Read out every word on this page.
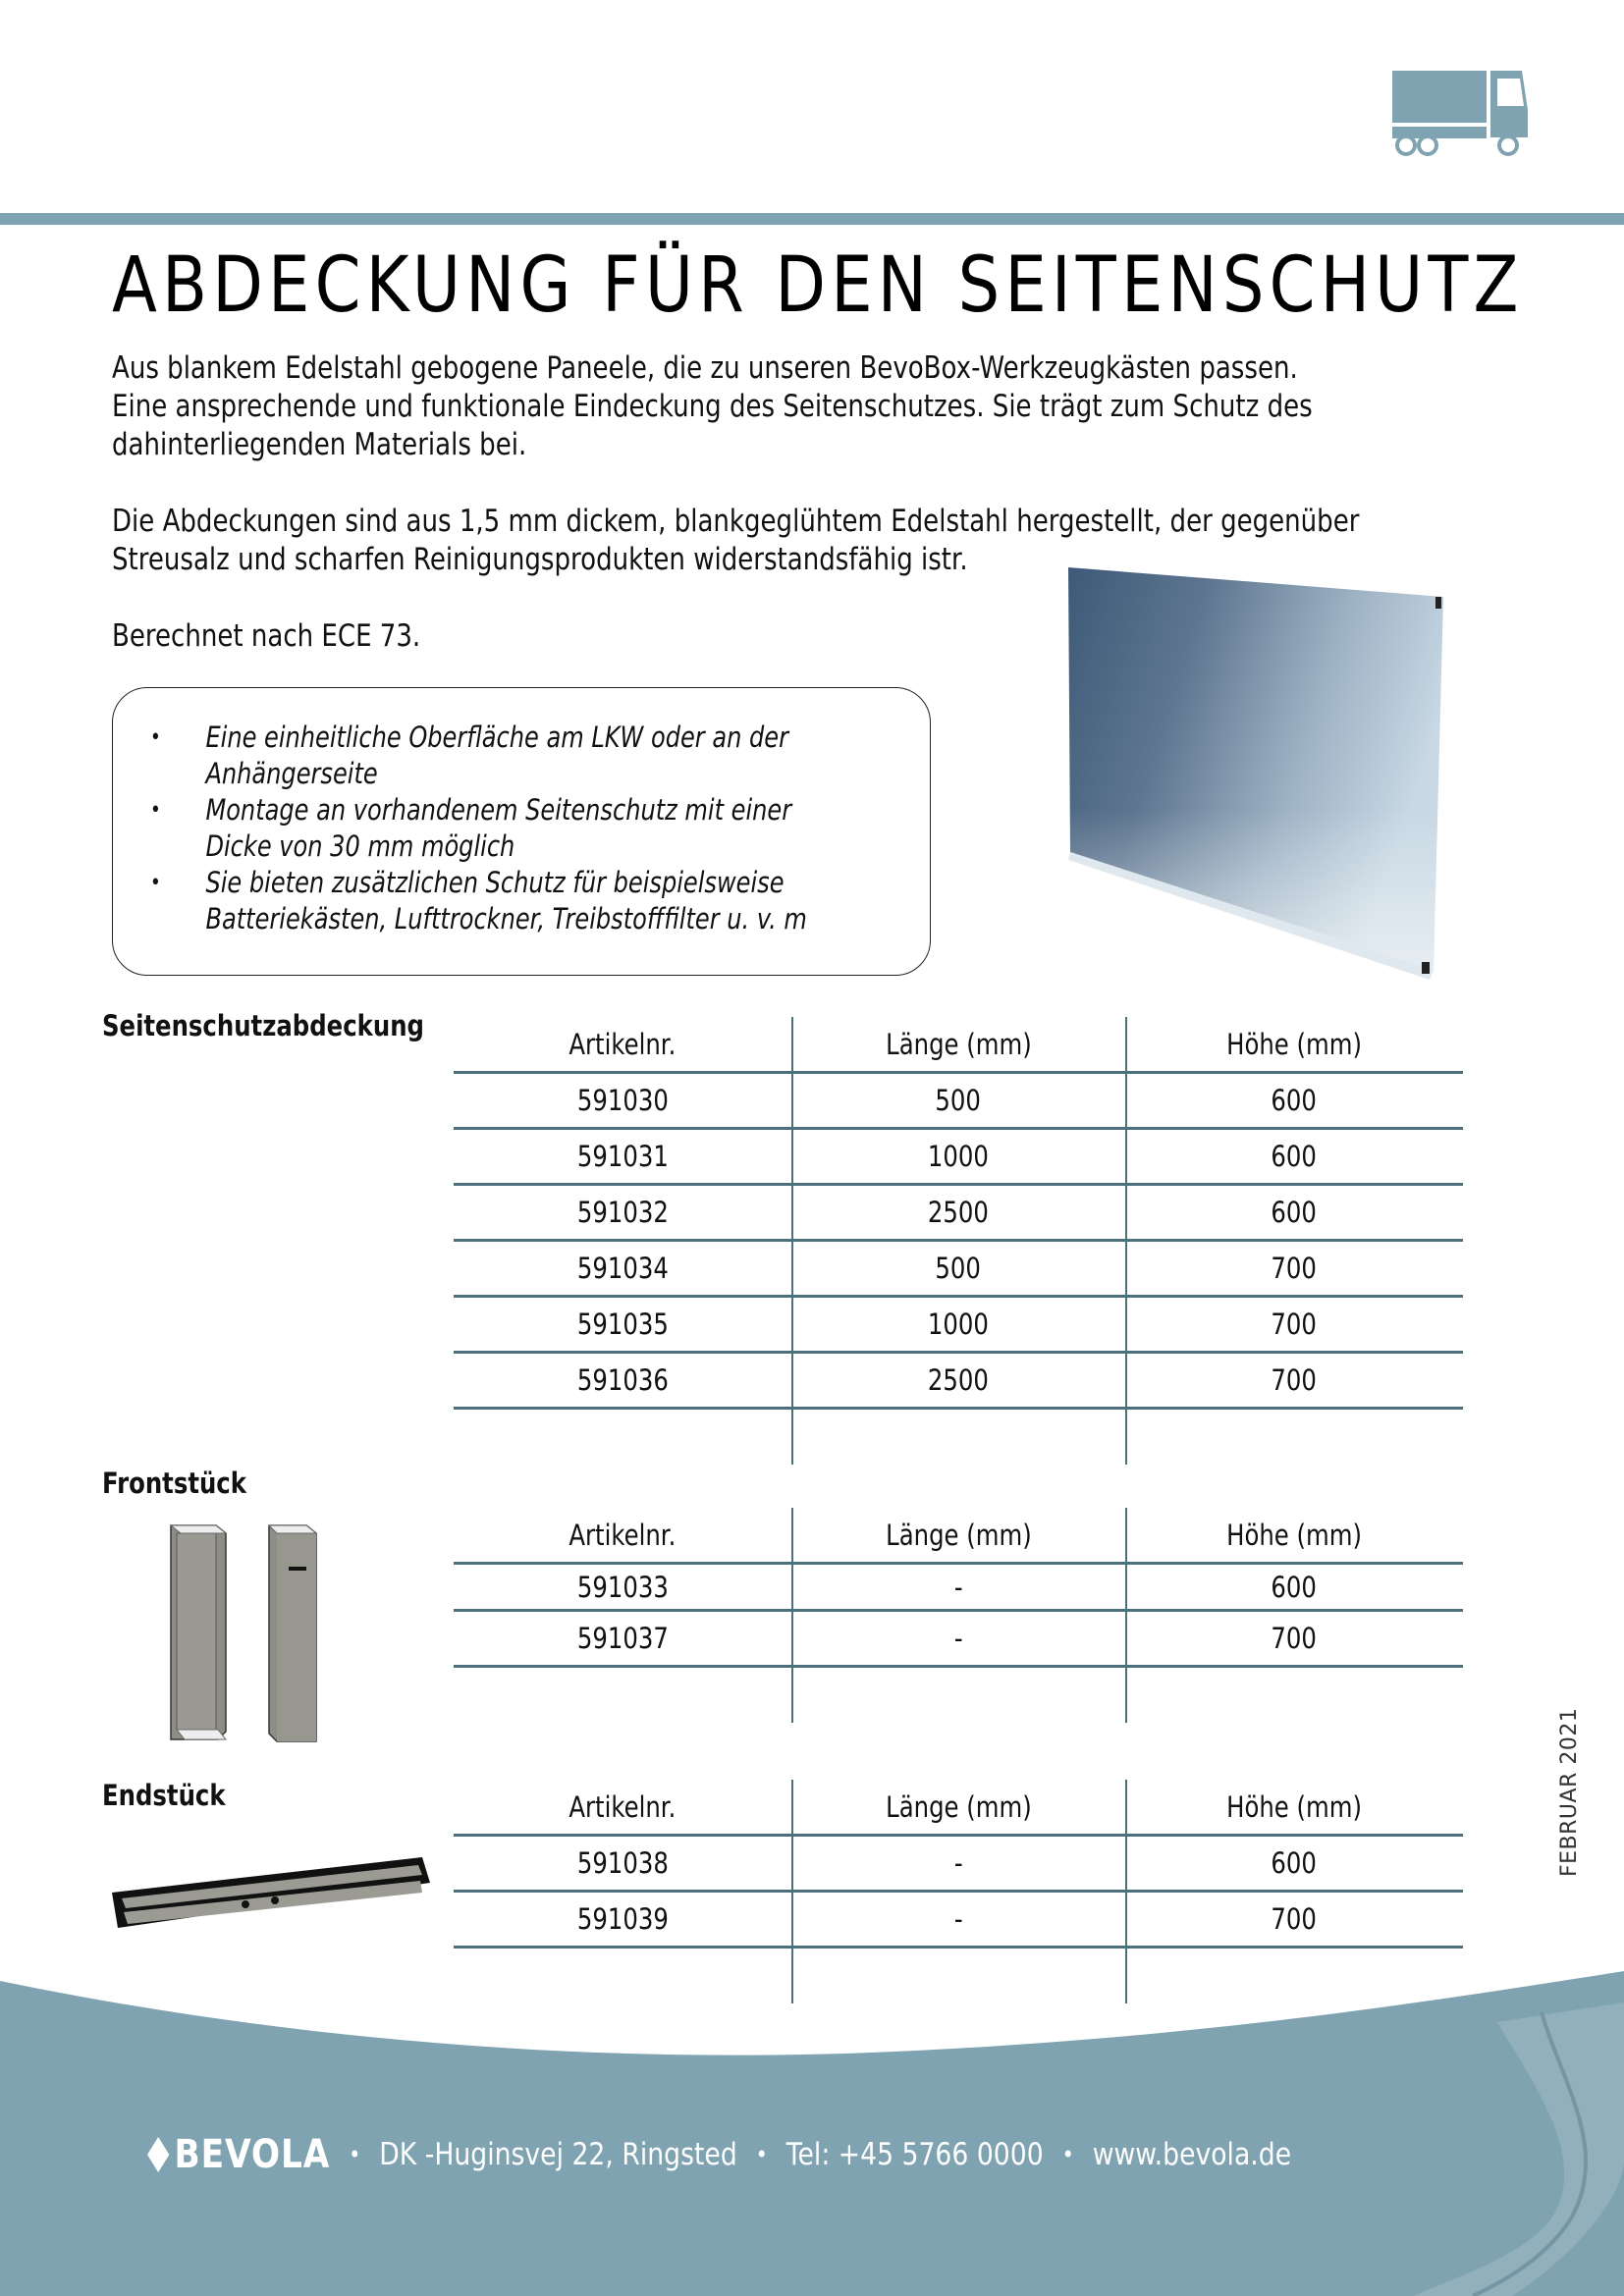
ABDECKUNG FÜR DEN SEITENSCHUTZ

Aus blankem Edelstahl gebogene Paneele, die zu unseren BevoBox-Werkzeugkästen passen.
Eine ansprechende und funktionale Eindeckung des Seitenschutzes. Sie trägt zum Schutz des
dahinterliegenden Materials bei.

Die Abdeckungen sind aus 1,5 mm dickem, blankgeglühtem Edelstahl hergestellt, der gegenüber
Streusalz und scharfen Reinigungsprodukten widerstandsfähig istr.

Berechnet nach ECE 73.

• Eine einheitliche Oberfläche am LKW oder an der
Anhängerseite
• Montage an vorhandenem Seitenschutz mit einer
Dicke von 30 mm möglich
• Sie bieten zusätzlichen Schutz für beispielsweise
Batteriekästen, Lufttrockner, Treibstofffilter u. v. m
Seitenschutzabdeckung
Artikelnr.	Länge (mm)	Höhe (mm)
591030	500	600
591031	1000	600
591032	2500	600
591034	500	700
591035	1000	700
591036	2500	700
Frontstück
Artikelnr.	Länge (mm)	Höhe (mm)
591033	-	600
591037	-	700
Endstück	Artikelnr.	Länge (mm)	Höhe (mm)
591038	-	600
591039	-	700
FEBRUAR 2021
BEVOLA • DK -Huginsvej 22, Ringsted • Tel: +45 5766 0000 • www.bevola.de
